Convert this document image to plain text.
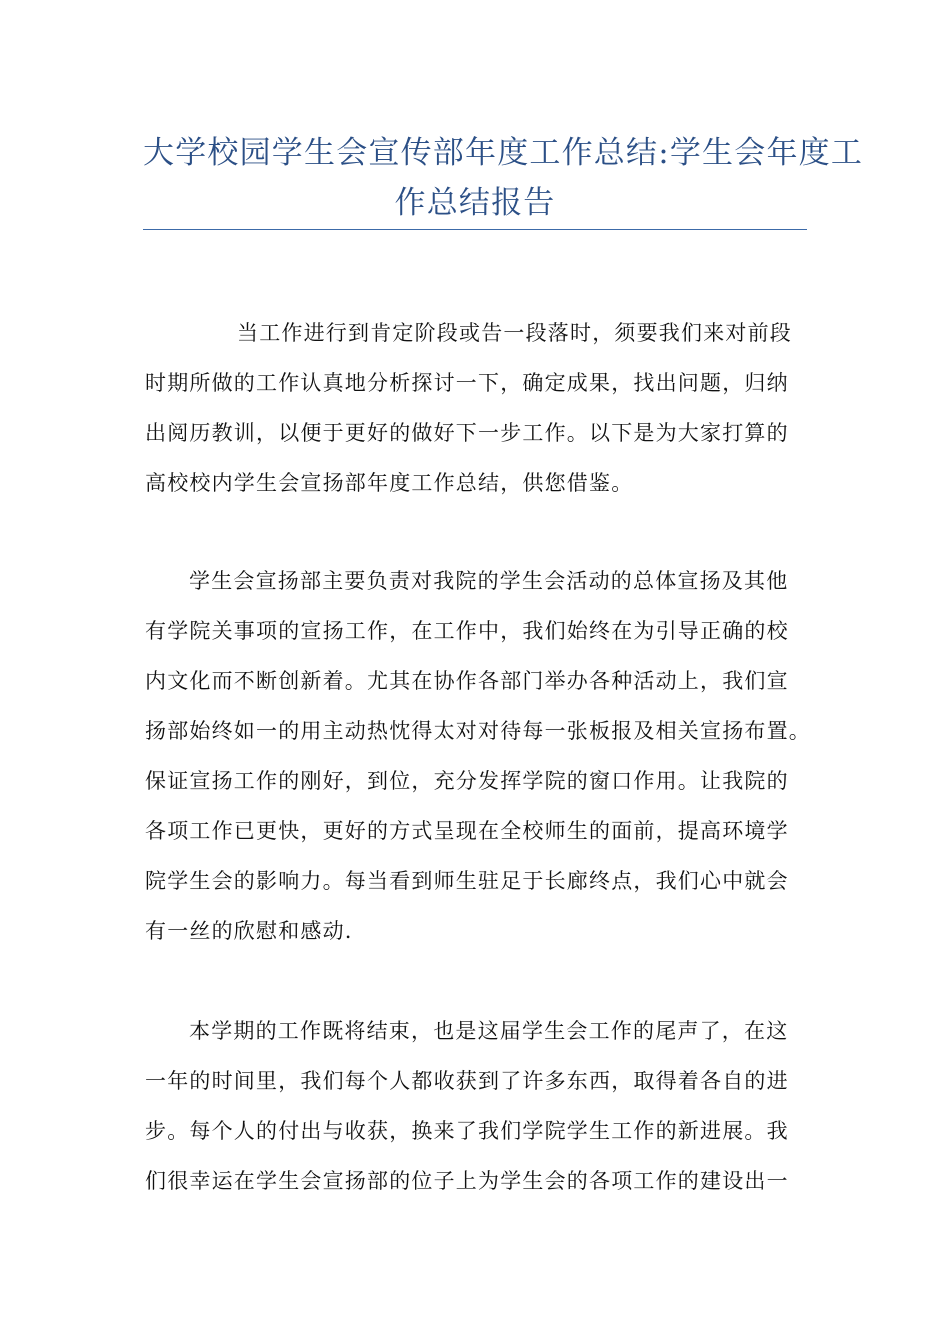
大学校园学生会宣传部年度工作总结:学生会年度工
作总结报告

当工作进行到肯定阶段或告一段落时，须要我们来对前段
时期所做的工作认真地分析探讨一下，确定成果，找出问题，归纳
出阅历教训，以便于更好的做好下一步工作。以下是为大家打算的
高校校内学生会宣扬部年度工作总结，供您借鉴。

学生会宣扬部主要负责对我院的学生会活动的总体宣扬及其他
有学院关事项的宣扬工作，在工作中，我们始终在为引导正确的校
内文化而不断创新着。尤其在协作各部门举办各种活动上，我们宣
扬部始终如一的用主动热忱得太对对待每一张板报及相关宣扬布置。
保证宣扬工作的刚好，到位，充分发挥学院的窗口作用。让我院的
各项工作已更快，更好的方式呈现在全校师生的面前，提高环境学
院学生会的影响力。每当看到师生驻足于长廊终点，我们心中就会
有一丝的欣慰和感动.

本学期的工作既将结束，也是这届学生会工作的尾声了，在这
一年的时间里，我们每个人都收获到了许多东西，取得着各自的进
步。每个人的付出与收获，换来了我们学院学生工作的新进展。我
们很幸运在学生会宣扬部的位子上为学生会的各项工作的建设出一
